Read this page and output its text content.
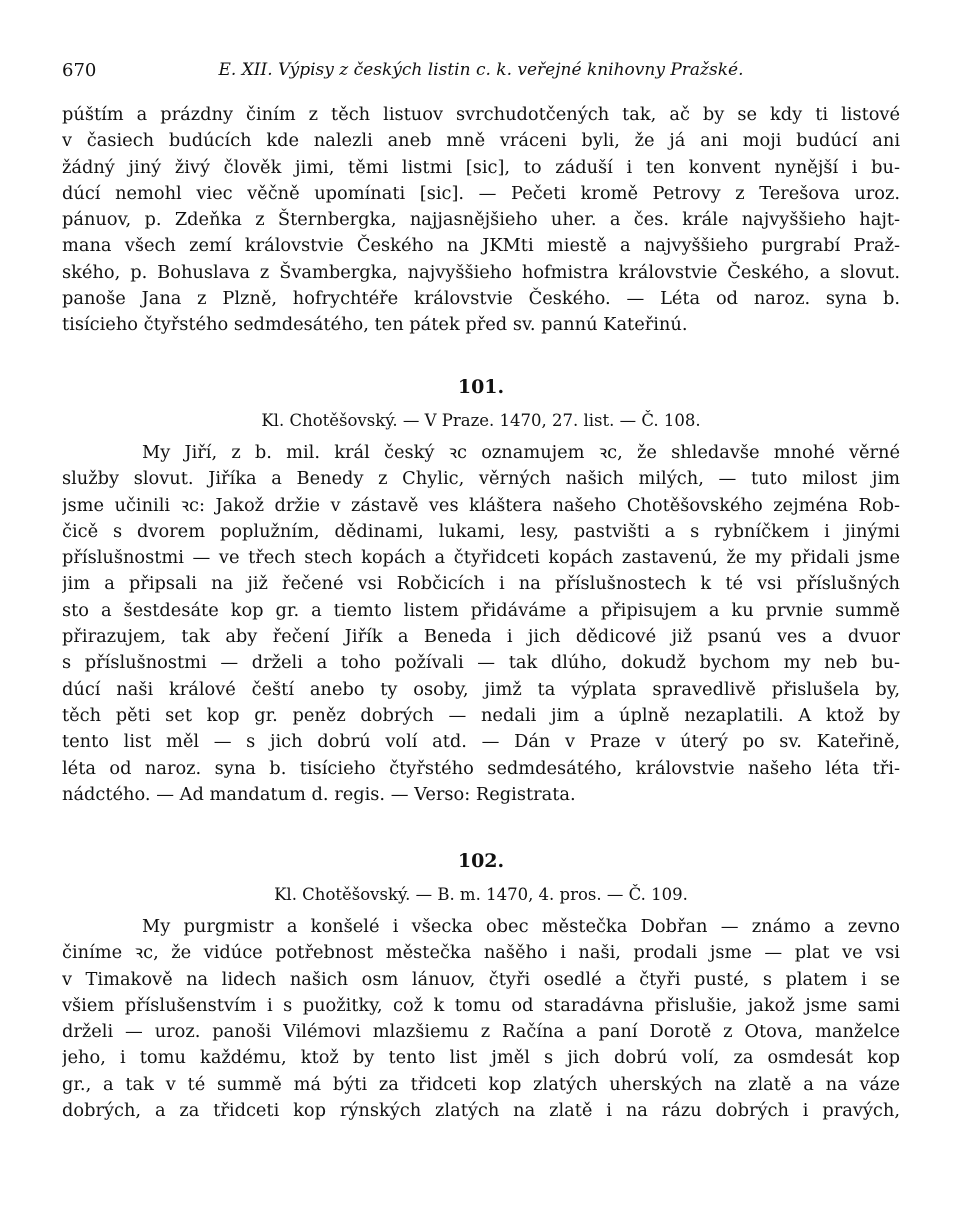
E. XII. Výpisy z českých listin c. k. veřejné knihovny Pražské.
670
púštím a prázdny činím z těch listuov svrchudotčených tak, ač by se kdy ti listové
v časiech budúcích kde nalezli aneb mně vráceni byli, že já ani moji budúcí ani
žádný jiný živý člověk jimi, těmi listmi [sic], to záduší i ten konvent nynější i bu-
dúcí nemohl viec věčně upomínati [sic]. — Pečeti kromě Petrovy z Terešova uroz.
pánuov, p. Zdeňka z Šternbergka, najjasnějšieho uher. a čes. krále najvyššieho hajt-
mana všech zemí královstvie Českého na JKMti miestě a najvyššieho purgrabí Praž-
ského, p. Bohuslava z Švambergka, najvyššieho hofmistra královstvie Českého, a slovut.
panoše Jana z Plzně, hofrychtéře královstvie Českého. — Léta od naroz. syna b.
tisícieho čtyřstého sedmdesátého, ten pátek před sv. pannú Kateřinú.
101.
Kl. Chotěšovský. — V Praze. 1470, 27. list. — Č. 108.
My Jiří, z b. mil. král český ꝛc oznamujem ꝛc, že shledavše mnohé věrné
služby slovut. Jiříka a Benedy z Chylic, věrných našich milých, — tuto milost jim
jsme učinili ꝛc: Jakož držie v zástavě ves kláštera našeho Chotěšovského zejména Rob-
čicě s dvorem poplužním, dědinami, lukami, lesy, pastvišti a s rybníčkem i jinými
příslušnostmi — ve třech stech kopách a čtyřidceti kopách zastavenú, že my přidali jsme
jim a připsali na již řečené vsi Robčicích i na příslušnostech k té vsi příslušných
sto a šestdesáte kop gr. a tiemto listem přidáváme a připisujem a ku prvnie summě
přirazujem, tak aby řečení Jiřík a Beneda i jich dědicové již psanú ves a dvuor
s příslušnostmi — drželi a toho požívali — tak dlúho, dokudž bychom my neb bu-
dúcí naši králové čeští anebo ty osoby, jimž ta výplata spravedlivě přislušela by,
těch pěti set kop gr. peněz dobrých — nedali jim a úplně nezaplatili. A ktož by
tento list měl — s jich dobrú volí atd. — Dán v Praze v úterý po sv. Kateřině,
léta od naroz. syna b. tisícieho čtyřstého sedmdesátého, královstvie našeho léta tři-
nádctého. — Ad mandatum d. regis. — Verso: Registrata.
102.
Kl. Chotěšovský. — B. m. 1470, 4. pros. — Č. 109.
My purgmistr a konšelé i všecka obec městečka Dobřan — známo a zevno
činíme ꝛc, že vidúce potřebnost městečka našěho i naši, prodali jsme — plat ve vsi
v Timakově na lidech našich osm lánuov, čtyři osedlé a čtyři pusté, s platem i se
všiem příslušenstvím i s puožitky, což k tomu od staradávna přislušie, jakož jsme sami
drželi — uroz. panoši Vilémovi mlazšiemu z Račína a paní Dorotě z Otova, manželce
jeho, i tomu každému, ktož by tento list jměl s jich dobrú volí, za osmdesát kop
gr., a tak v té summě má býti za třidceti kop zlatých uherských na zlatě a na váze
dobrých, a za třidceti kop rýnských zlatých na zlatě i na rázu dobrých i pravých,
